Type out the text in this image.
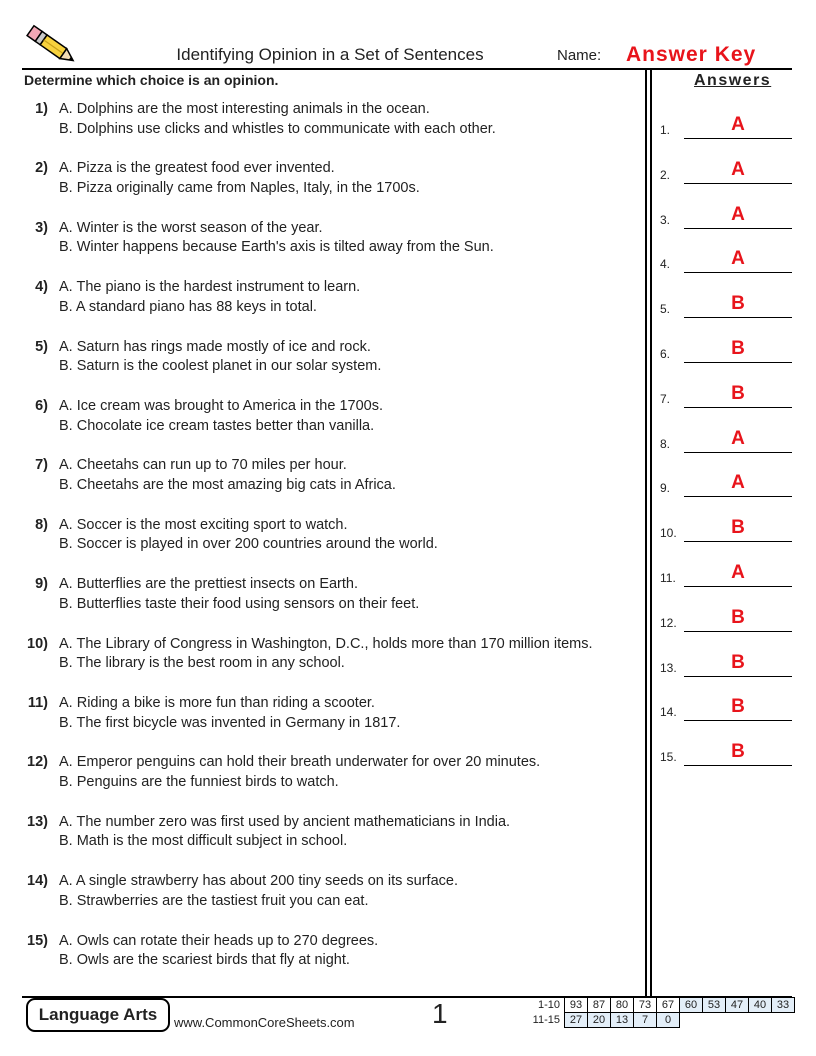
Identifying Opinion in a Set of Sentences	Name: Answer Key
Determine which choice is an opinion.	Answers
1) A. Dolphins are the most interesting animals in the ocean.
B. Dolphins use clicks and whistles to communicate with each other.
2) A. Pizza is the greatest food ever invented.
B. Pizza originally came from Naples, Italy, in the 1700s.
3) A. Winter is the worst season of the year.
B. Winter happens because Earth's axis is tilted away from the Sun.
4) A. The piano is the hardest instrument to learn.
B. A standard piano has 88 keys in total.
5) A. Saturn has rings made mostly of ice and rock.
B. Saturn is the coolest planet in our solar system.
6) A. Ice cream was brought to America in the 1700s.
B. Chocolate ice cream tastes better than vanilla.
7) A. Cheetahs can run up to 70 miles per hour.
B. Cheetahs are the most amazing big cats in Africa.
8) A. Soccer is the most exciting sport to watch.
B. Soccer is played in over 200 countries around the world.
9) A. Butterflies are the prettiest insects on Earth.
B. Butterflies taste their food using sensors on their feet.
10) A. The Library of Congress in Washington, D.C., holds more than 170 million items.
B. The library is the best room in any school.
11) A. Riding a bike is more fun than riding a scooter.
B. The first bicycle was invented in Germany in 1817.
12) A. Emperor penguins can hold their breath underwater for over 20 minutes.
B. Penguins are the funniest birds to watch.
13) A. The number zero was first used by ancient mathematicians in India.
B. Math is the most difficult subject in school.
14) A. A single strawberry has about 200 tiny seeds on its surface.
B. Strawberries are the tastiest fruit you can eat.
15) A. Owls can rotate their heads up to 270 degrees.
B. Owls are the scariest birds that fly at night.
1.	A
2.	A
3.	A
4.	A
5.	B
6.	B
7.	B
8.	A
9.	A
10.	B
11.	A
12.	B
13.	B
14.	B
15.	B
Language Arts	www.CommonCoreSheets.com	1	1-10	93	87	80	73	67	60	53	47	40	33
11-15	27	20	13	7	0					
